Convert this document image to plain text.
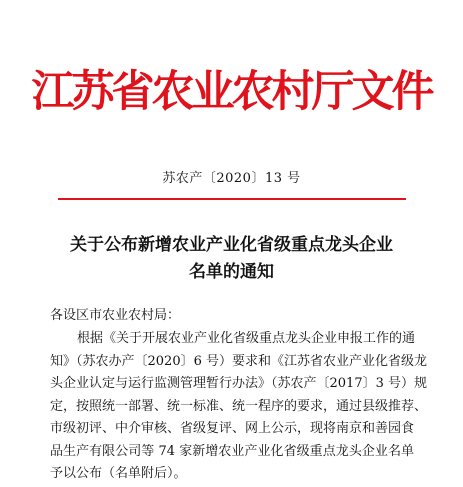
江苏省农业农村厅文件
苏农产〔2020〕13 号
关于公布新增农业产业化省级重点龙头企业
名单的通知
各设区市农业农村局：
根据《关于开展农业产业化省级重点龙头企业申报工作的通
知》（苏农办产〔2020〕6 号）要求和《江苏省农业产业化省级龙
头企业认定与运行监测管理暂行办法》（苏农产〔2017〕3 号）规
定，按照统一部署、统一标准、统一程序的要求，通过县级推荐、
市级初评、中介审核、省级复评、网上公示，现将南京和善园食
品生产有限公司等 74 家新增农业产业化省级重点龙头企业名单
予以公布（名单附后）。
